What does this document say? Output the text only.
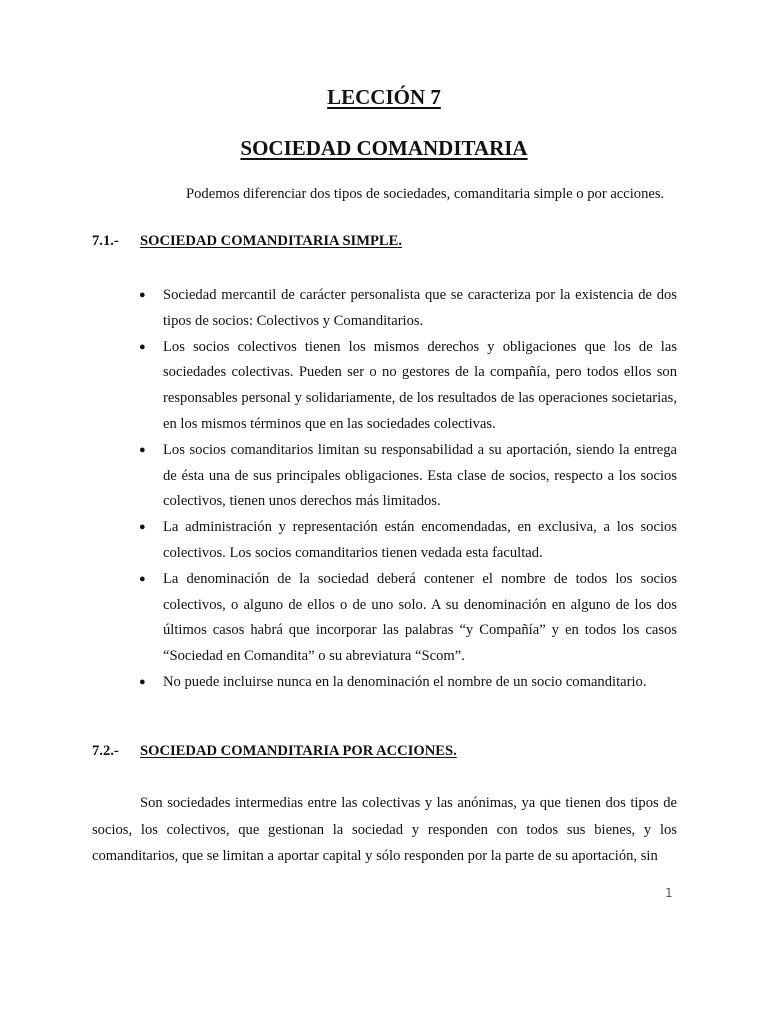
LECCIÓN 7
SOCIEDAD COMANDITARIA
Podemos diferenciar dos tipos de sociedades, comanditaria simple o por acciones.
7.1.- SOCIEDAD COMANDITARIA SIMPLE.
● Sociedad mercantil de carácter personalista que se caracteriza por la existencia de dos tipos de socios: Colectivos y Comanditarios.
● Los socios colectivos tienen los mismos derechos y obligaciones que los de las sociedades colectivas. Pueden ser o no gestores de la compañía, pero todos ellos son responsables personal y solidariamente, de los resultados de las operaciones societarias, en los mismos términos que en las sociedades colectivas.
● Los socios comanditarios limitan su responsabilidad a su aportación, siendo la entrega de ésta una de sus principales obligaciones. Esta clase de socios, respecto a los socios colectivos, tienen unos derechos más limitados.
● La administración y representación están encomendadas, en exclusiva, a los socios colectivos. Los socios comanditarios tienen vedada esta facultad.
● La denominación de la sociedad deberá contener el nombre de todos los socios colectivos, o alguno de ellos o de uno solo. A su denominación en alguno de los dos últimos casos habrá que incorporar las palabras “y Compañía” y en todos los casos “Sociedad en Comandita” o su abreviatura “Scom”.
● No puede incluirse nunca en la denominación el nombre de un socio comanditario.
7.2.- SOCIEDAD COMANDITARIA POR ACCIONES.

Son sociedades intermedias entre las colectivas y las anónimas, ya que tienen dos tipos de socios, los colectivos, que gestionan la sociedad y responden con todos sus bienes, y los comanditarios, que se limitan a aportar capital y sólo responden por la parte de su aportación, sin

1
